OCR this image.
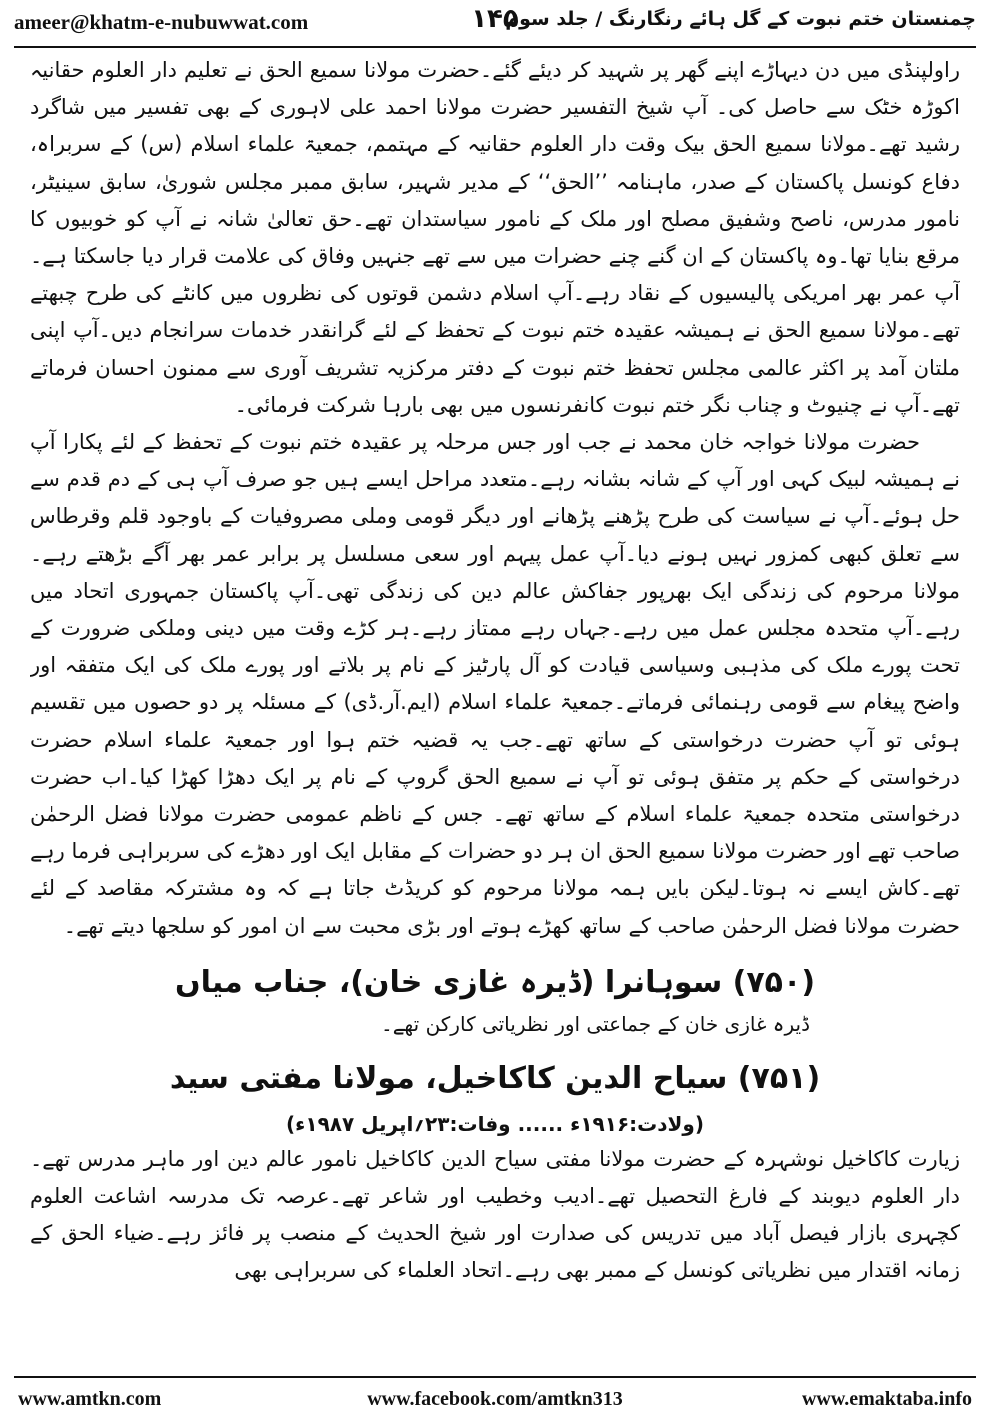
ameer@khatm-e-nubuwwat.com	۱۴۵
چمنستان ختم نبوت کے گل ہائے رنگارنگ / جلد سوم

راولپنڈی میں دن دیہاڑے اپنے گھر پر شہید کر دیئے گئے۔حضرت مولانا سمیع الحق نے تعلیم دار العلوم حقانیہ اکوڑہ خٹک سے حاصل کی۔ آپ شیخ التفسیر حضرت مولانا احمد علی لاہوری کے بھی تفسیر میں شاگرد رشید تھے۔مولانا سمیع الحق بیک وقت دار العلوم حقانیہ کے مہتمم، جمعیۃ علماء اسلام (س) کے سربراہ، دفاع کونسل پاکستان کے صدر، ماہنامہ ’’الحق‘‘ کے مدیر شہیر، سابق ممبر مجلس شوریٰ، سابق سینیٹر، نامور مدرس، ناصح وشفیق مصلح اور ملک کے نامور سیاستدان تھے۔حق تعالیٰ شانہ نے آپ کو خوبیوں کا مرقع بنایا تھا۔وہ پاکستان کے ان گنے چنے حضرات میں سے تھے جنہیں وفاق کی علامت قرار دیا جاسکتا ہے۔آپ عمر بھر امریکی پالیسیوں کے نقاد رہے۔آپ اسلام دشمن قوتوں کی نظروں میں کانٹے کی طرح چبھتے تھے۔مولانا سمیع الحق نے ہمیشہ عقیدہ ختم نبوت کے تحفظ کے لئے گرانقدر خدمات سرانجام دیں۔آپ اپنی ملتان آمد پر اکثر عالمی مجلس تحفظ ختم نبوت کے دفتر مرکزیہ تشریف آوری سے ممنون احسان فرماتے تھے۔آپ نے چنیوٹ و چناب نگر ختم نبوت کانفرنسوں میں بھی بارہا شرکت فرمائی۔

حضرت مولانا خواجہ خان محمد نے جب اور جس مرحلہ پر عقیدہ ختم نبوت کے تحفظ کے لئے پکارا آپ نے ہمیشہ لبیک کہی اور آپ کے شانہ بشانہ رہے۔متعدد مراحل ایسے ہیں جو صرف آپ ہی کے دم قدم سے حل ہوئے۔آپ نے سیاست کی طرح پڑھنے پڑھانے اور دیگر قومی وملی مصروفیات کے باوجود قلم وقرطاس سے تعلق کبھی کمزور نہیں ہونے دیا۔آپ عمل پیہم اور سعی مسلسل پر برابر عمر بھر آگے بڑھتے رہے۔مولانا مرحوم کی زندگی ایک بھرپور جفاکش عالم دین کی زندگی تھی۔آپ پاکستان جمہوری اتحاد میں رہے۔آپ متحدہ مجلس عمل میں رہے۔جہاں رہے ممتاز رہے۔ہر کڑے وقت میں دینی وملکی ضرورت کے تحت پورے ملک کی مذہبی وسیاسی قیادت کو آل پارٹیز کے نام پر بلاتے اور پورے ملک کی ایک متفقہ اور واضح پیغام سے قومی رہنمائی فرماتے۔جمعیۃ علماء اسلام (ایم.آر.ڈی) کے مسئلہ پر دو حصوں میں تقسیم ہوئی تو آپ حضرت درخواستی کے ساتھ تھے۔جب یہ قضیہ ختم ہوا اور جمعیۃ علماء اسلام حضرت درخواستی کے حکم پر متفق ہوئی تو آپ نے سمیع الحق گروپ کے نام پر ایک دھڑا کھڑا کیا۔اب حضرت درخواستی متحدہ جمعیۃ علماء اسلام کے ساتھ تھے۔ جس کے ناظم عمومی حضرت مولانا فضل الرحمٰن صاحب تھے اور حضرت مولانا سمیع الحق ان ہر دو حضرات کے مقابل ایک اور دھڑے کی سربراہی فرما رہے تھے۔کاش ایسے نہ ہوتا۔لیکن بایں ہمہ مولانا مرحوم کو کریڈٹ جاتا ہے کہ وہ مشترکہ مقاصد کے لئے حضرت مولانا فضل الرحمٰن صاحب کے ساتھ کھڑے ہوتے اور بڑی محبت سے ان امور کو سلجھا دیتے تھے۔

(۷۵۰) سوہانرا (ڈیرہ غازی خان)، جناب میاں

ڈیرہ غازی خان کے جماعتی اور نظریاتی کارکن تھے۔

(۷۵۱) سیاح الدین کاکاخیل، مولانا مفتی سید
(ولادت:۱۹۱۶ء ...... وفات:۲۳؍اپریل ۱۹۸۷ء)

زیارت کاکاخیل نوشہرہ کے حضرت مولانا مفتی سیاح الدین کاکاخیل نامور عالم دین اور ماہر مدرس تھے۔دار العلوم دیوبند کے فارغ التحصیل تھے۔ادیب وخطیب اور شاعر تھے۔عرصہ تک مدرسہ اشاعت العلوم کچہری بازار فیصل آباد میں تدریس کی صدارت اور شیخ الحدیث کے منصب پر فائز رہے۔ضیاء الحق کے زمانہ اقتدار میں نظریاتی کونسل کے ممبر بھی رہے۔اتحاد العلماء کی سربراہی بھی

www.amtkn.com	www.facebook.com/amtkn313	www.emaktaba.info
